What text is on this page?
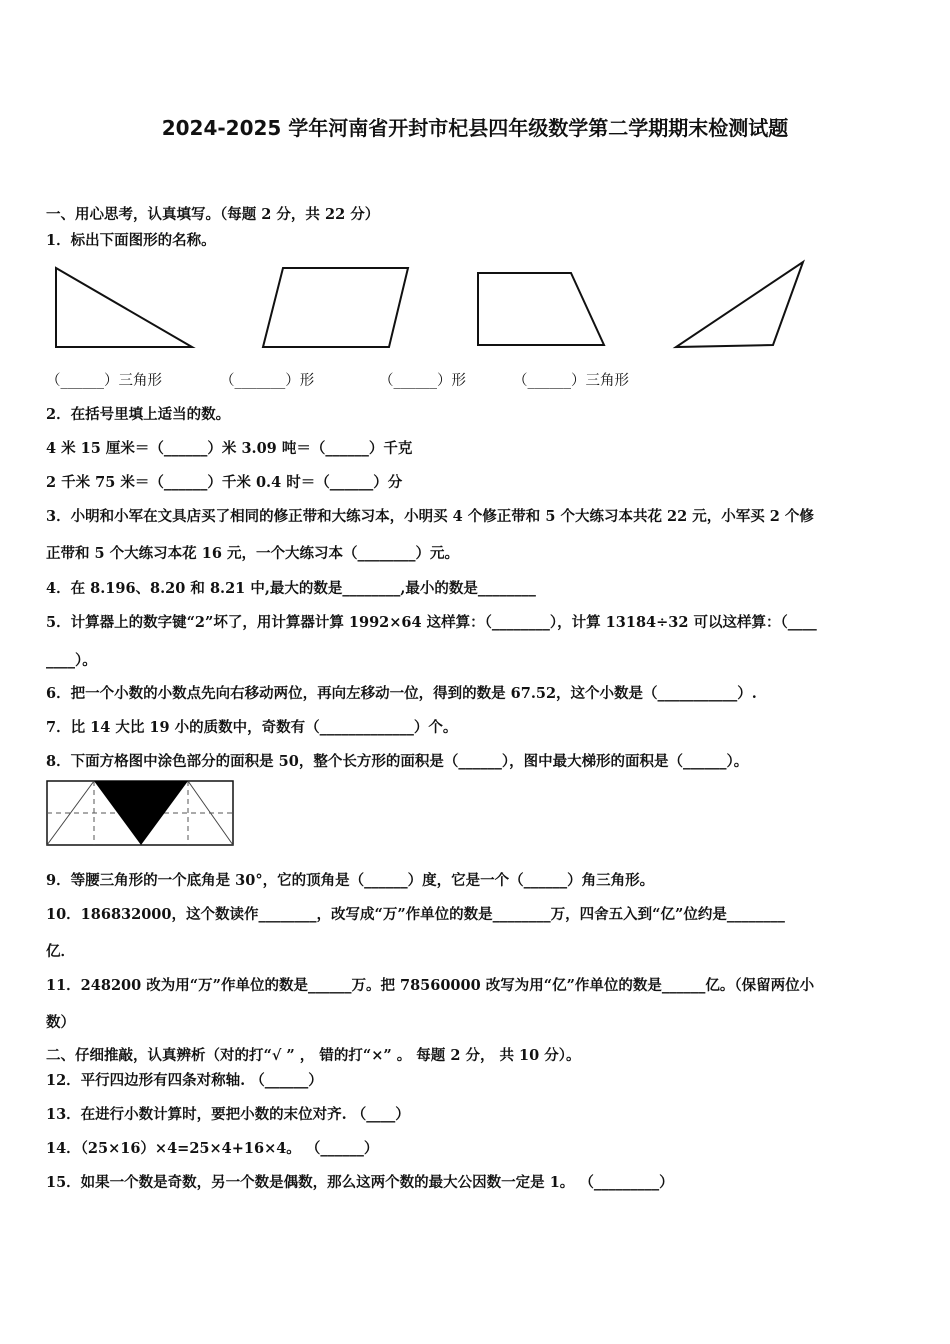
2024-2025 学年河南省开封市杞县四年级数学第二学期期末检测试题
一、用心思考，认真填写。（每题 2 分，共 22 分）
1．标出下面图形的名称。
（______）三角形	（_______）形	（______）形	（______）三角形
2．在括号里填上适当的数。
4 米 15 厘米＝（______）米 3.09 吨＝（______）千克
2 千米 75 米＝（______）千米 0.4 时＝（______）分
3．小明和小军在文具店买了相同的修正带和大练习本，小明买 4 个修正带和 5 个大练习本共花 22 元，小军买 2 个修
正带和 5 个大练习本花 16 元，一个大练习本（________）元。
4．在 8.196、8.20 和 8.21 中,最大的数是________,最小的数是________
5．计算器上的数字键“2”坏了，用计算器计算 1992×64 这样算：（________），计算 13184÷32 可以这样算：（____
____）。
6．把一个小数的小数点先向右移动两位，再向左移动一位，得到的数是 67.52，这个小数是（___________）.
7．比 14 大比 19 小的质数中，奇数有（_____________）个。
8．下面方格图中涂色部分的面积是 50，整个长方形的面积是（______），图中最大梯形的面积是（______）。
9．等腰三角形的一个底角是 30°，它的顶角是（______）度，它是一个（______）角三角形。
10．186832000，这个数读作________，改写成“万”作单位的数是________万，四舍五入到“亿”位约是________
亿．
11．248200 改为用“万”作单位的数是______万。把 78560000 改写为用“亿”作单位的数是______亿。（保留两位小
数）
二、仔细推敲，认真辨析（对的打“√ ” ， 错的打“×” 。 每题 2 分， 共 10 分）。
12．平行四边形有四条对称轴. （______）
13．在进行小数计算时，要把小数的末位对齐. （____）
14．（25×16）×4=25×4+16×4。 （______）
15．如果一个数是奇数，另一个数是偶数，那么这两个数的最大公因数一定是 1。 （_________）
